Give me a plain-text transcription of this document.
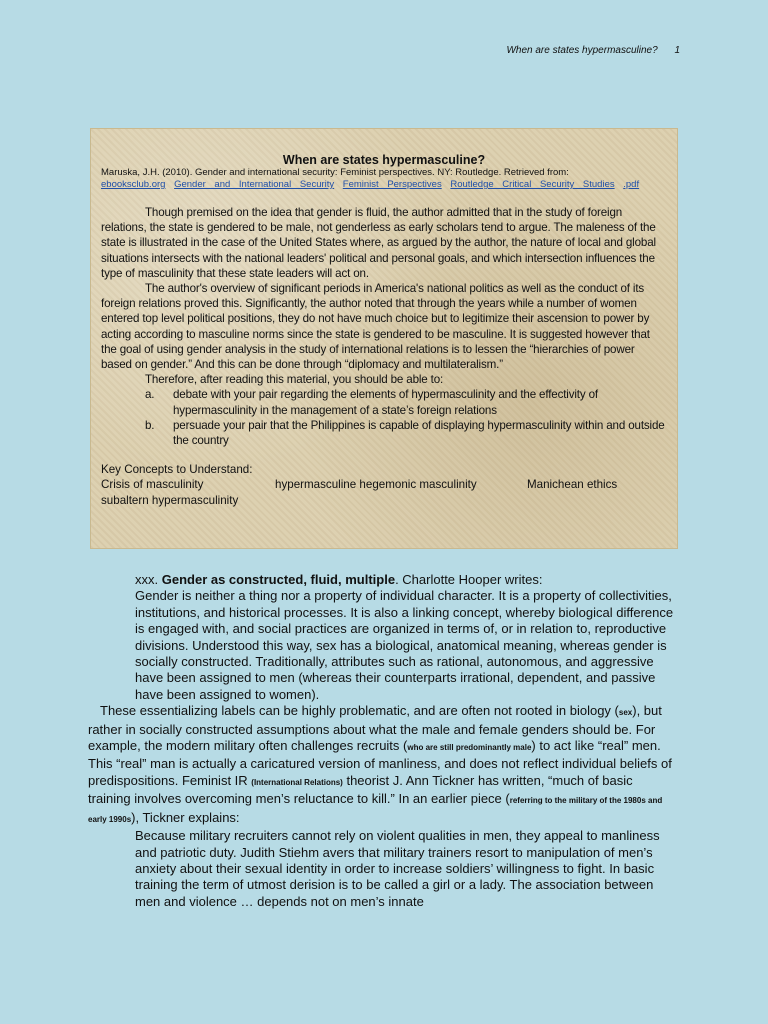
When are states hypermasculine? 1

When are states hypermasculine?

Maruska, J.H. (2010). Gender and international security: Feminist perspectives. NY: Routledge. Retrieved from:

ebooksclub.org Gender and International Security Feminist Perspectives Routledge Critical Security Studies .pdf

Though premised on the idea that gender is fluid, the author admitted that in the study of foreign relations, the state is gendered to be male, not genderless as early scholars tend to argue. The maleness of the state is illustrated in the case of the United States where, as argued by the author, the nature of local and global situations intersects with the national leaders' political and personal goals, and which intersection influences the type of masculinity that these state leaders will act on.

The author's overview of significant periods in America's national politics as well as the conduct of its foreign relations proved this. Significantly, the author noted that through the years while a number of women entered top level political positions, they do not have much choice but to legitimize their ascension to power by acting according to masculine norms since the state is gendered to be masculine. It is suggested however that the goal of using gender analysis in the study of international relations is to lessen the “hierarchies of power based on gender.” And this can be done through “diplomacy and multilateralism.”

Therefore, after reading this material, you should be able to:

a. debate with your pair regarding the elements of hypermasculinity and the effectivity of hypermasculinity in the management of a state’s foreign relations
b. persuade your pair that the Philippines is capable of displaying hypermasculinity within and outside the country
Key Concepts to Understand:
Crisis of masculinity	hypermasculine hegemonic masculinity	Manichean ethics
subaltern hypermasculinity

xxx. Gender as constructed, fluid, multiple. Charlotte Hooper writes:

Gender is neither a thing nor a property of individual character. It is a property of collectivities, institutions, and historical processes. It is also a linking concept, whereby biological difference is engaged with, and social practices are organized in terms of, or in relation to, reproductive divisions. Understood this way, sex has a biological, anatomical meaning, whereas gender is socially constructed. Traditionally, attributes such as rational, autonomous, and aggressive have been assigned to men (whereas their counterparts irrational, dependent, and passive have been assigned to women).

These essentializing labels can be highly problematic, and are often not rooted in biology (sex), but rather in socially constructed assumptions about what the male and female genders should be. For example, the modern military often challenges recruits (who are still predominantly male) to act like “real” men. This “real” man is actually a caricatured version of manliness, and does not reflect individual beliefs of predispositions. Feminist IR (International Relations) theorist J. Ann Tickner has written, “much of basic training involves overcoming men’s reluctance to kill.” In an earlier piece (referring to the military of the 1980s and early 1990s), Tickner explains:

Because military recruiters cannot rely on violent qualities in men, they appeal to manliness and patriotic duty. Judith Stiehm avers that military trainers resort to manipulation of men’s anxiety about their sexual identity in order to increase soldiers’ willingness to fight. In basic training the term of utmost derision is to be called a girl or a lady. The association between men and violence … depends not on men’s innate
